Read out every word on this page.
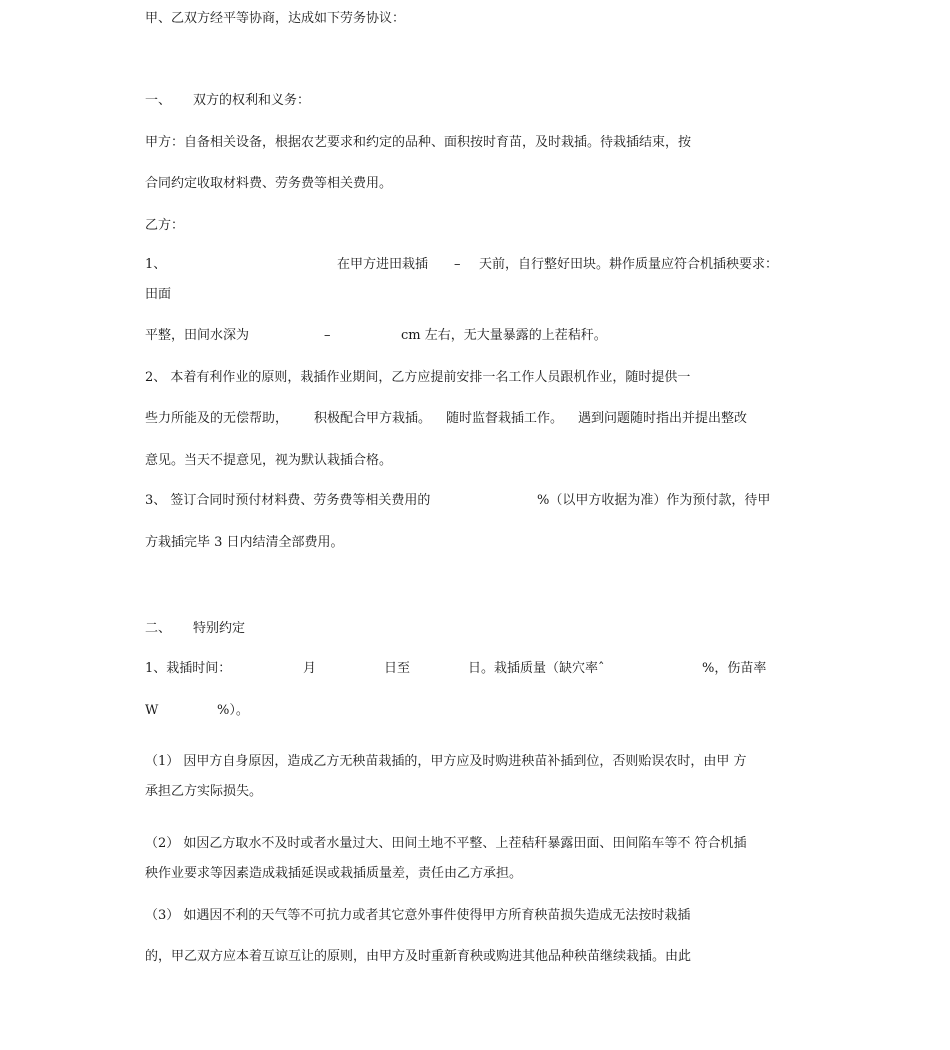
甲、乙双方经平等协商，达成如下劳务协议：
一、 双方的权利和义务：
甲方：自备相关设备，根据农艺要求和约定的品种、面积按时育苗，及时栽插。待栽插结束，按
合同约定收取材料费、劳务费等相关费用。
乙方：
1、	在甲方进田栽插 – 天前，自行整好田块。耕作质量应符合机插秧要求：
田面
平整，田间水深为	–	cm 左右，无大量暴露的上茬秸秆。
2、 本着有利作业的原则，栽插作业期间，乙方应提前安排一名工作人员跟机作业，随时提供一
些力所能及的无偿帮助， 积极配合甲方栽插。 随时监督栽插工作。 遇到问题随时指出并提出整改
意见。当天不提意见，视为默认栽插合格。
3、 签订合同时预付材料费、劳务费等相关费用的	%（以甲方收据为准）作为预付款，待甲
方栽插完毕 3 日内结清全部费用。
二、 特别约定
1、栽插时间：	月	日至	日。栽插质量（缺穴率ˆ	%，伤苗率
W	%）。
（1） 因甲方自身原因，造成乙方无秧苗栽插的，甲方应及时购进秧苗补插到位，否则贻误农时，由甲 方
承担乙方实际损失。
（2） 如因乙方取水不及时或者水量过大、田间土地不平整、上茬秸秆暴露田面、田间陷车等不 符合机插
秧作业要求等因素造成栽插延误或栽插质量差，责任由乙方承担。
（3） 如遇因不利的天气等不可抗力或者其它意外事件使得甲方所育秧苗损失造成无法按时栽插
的，甲乙双方应本着互谅互让的原则，由甲方及时重新育秧或购进其他品种秧苗继续栽插。由此
